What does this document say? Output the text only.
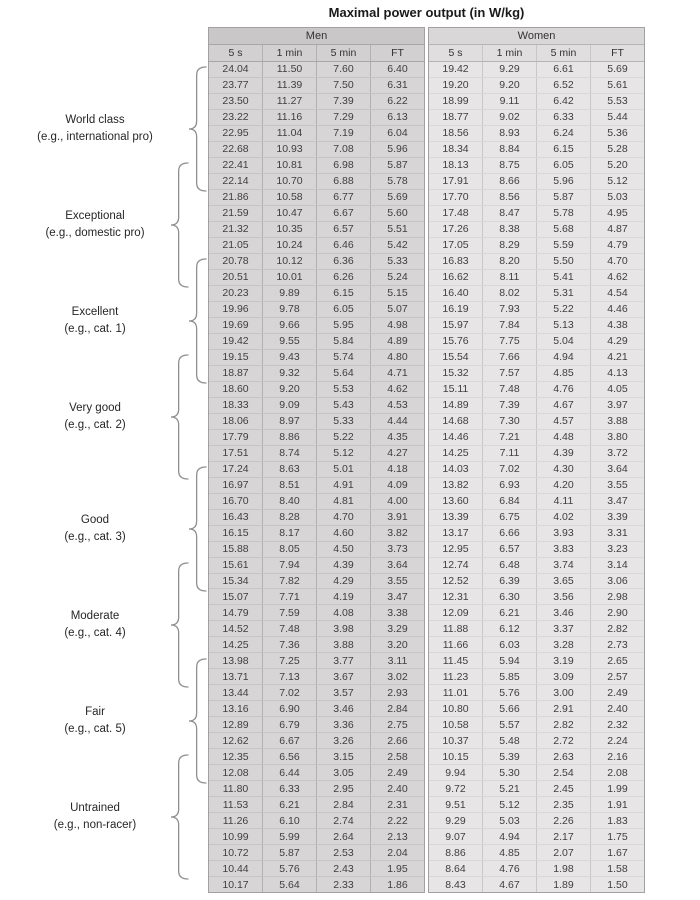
Maximal power output (in W/kg)
World class
(e.g., international pro)
Exceptional
(e.g., domestic pro)
Excellent
(e.g., cat. 1)
Very good
(e.g., cat. 2)
Good
(e.g., cat. 3)
Moderate
(e.g., cat. 4)
Fair
(e.g., cat. 5)
Untrained
(e.g., non-racer)
Men
5 s	1 min	5 min	FT
24.04	11.50	7.60	6.40
23.77	11.39	7.50	6.31
23.50	11.27	7.39	6.22
23.22	11.16	7.29	6.13
22.95	11.04	7.19	6.04
22.68	10.93	7.08	5.96
22.41	10.81	6.98	5.87
22.14	10.70	6.88	5.78
21.86	10.58	6.77	5.69
21.59	10.47	6.67	5.60
21.32	10.35	6.57	5.51
21.05	10.24	6.46	5.42
20.78	10.12	6.36	5.33
20.51	10.01	6.26	5.24
20.23	9.89	6.15	5.15
19.96	9.78	6.05	5.07
19.69	9.66	5.95	4.98
19.42	9.55	5.84	4.89
19.15	9.43	5.74	4.80
18.87	9.32	5.64	4.71
18.60	9.20	5.53	4.62
18.33	9.09	5.43	4.53
18.06	8.97	5.33	4.44
17.79	8.86	5.22	4.35
17.51	8.74	5.12	4.27
17.24	8.63	5.01	4.18
16.97	8.51	4.91	4.09
16.70	8.40	4.81	4.00
16.43	8.28	4.70	3.91
16.15	8.17	4.60	3.82
15.88	8.05	4.50	3.73
15.61	7.94	4.39	3.64
15.34	7.82	4.29	3.55
15.07	7.71	4.19	3.47
14.79	7.59	4.08	3.38
14.52	7.48	3.98	3.29
14.25	7.36	3.88	3.20
13.98	7.25	3.77	3.11
13.71	7.13	3.67	3.02
13.44	7.02	3.57	2.93
13.16	6.90	3.46	2.84
12.89	6.79	3.36	2.75
12.62	6.67	3.26	2.66
12.35	6.56	3.15	2.58
12.08	6.44	3.05	2.49
11.80	6.33	2.95	2.40
11.53	6.21	2.84	2.31
11.26	6.10	2.74	2.22
10.99	5.99	2.64	2.13
10.72	5.87	2.53	2.04
10.44	5.76	2.43	1.95
10.17	5.64	2.33	1.86
Women
5 s	1 min	5 min	FT
19.42	9.29	6.61	5.69
19.20	9.20	6.52	5.61
18.99	9.11	6.42	5.53
18.77	9.02	6.33	5.44
18.56	8.93	6.24	5.36
18.34	8.84	6.15	5.28
18.13	8.75	6.05	5.20
17.91	8.66	5.96	5.12
17.70	8.56	5.87	5.03
17.48	8.47	5.78	4.95
17.26	8.38	5.68	4.87
17.05	8.29	5.59	4.79
16.83	8.20	5.50	4.70
16.62	8.11	5.41	4.62
16.40	8.02	5.31	4.54
16.19	7.93	5.22	4.46
15.97	7.84	5.13	4.38
15.76	7.75	5.04	4.29
15.54	7.66	4.94	4.21
15.32	7.57	4.85	4.13
15.11	7.48	4.76	4.05
14.89	7.39	4.67	3.97
14.68	7.30	4.57	3.88
14.46	7.21	4.48	3.80
14.25	7.11	4.39	3.72
14.03	7.02	4.30	3.64
13.82	6.93	4.20	3.55
13.60	6.84	4.11	3.47
13.39	6.75	4.02	3.39
13.17	6.66	3.93	3.31
12.95	6.57	3.83	3.23
12.74	6.48	3.74	3.14
12.52	6.39	3.65	3.06
12.31	6.30	3.56	2.98
12.09	6.21	3.46	2.90
11.88	6.12	3.37	2.82
11.66	6.03	3.28	2.73
11.45	5.94	3.19	2.65
11.23	5.85	3.09	2.57
11.01	5.76	3.00	2.49
10.80	5.66	2.91	2.40
10.58	5.57	2.82	2.32
10.37	5.48	2.72	2.24
10.15	5.39	2.63	2.16
9.94	5.30	2.54	2.08
9.72	5.21	2.45	1.99
9.51	5.12	2.35	1.91
9.29	5.03	2.26	1.83
9.07	4.94	2.17	1.75
8.86	4.85	2.07	1.67
8.64	4.76	1.98	1.58
8.43	4.67	1.89	1.50
